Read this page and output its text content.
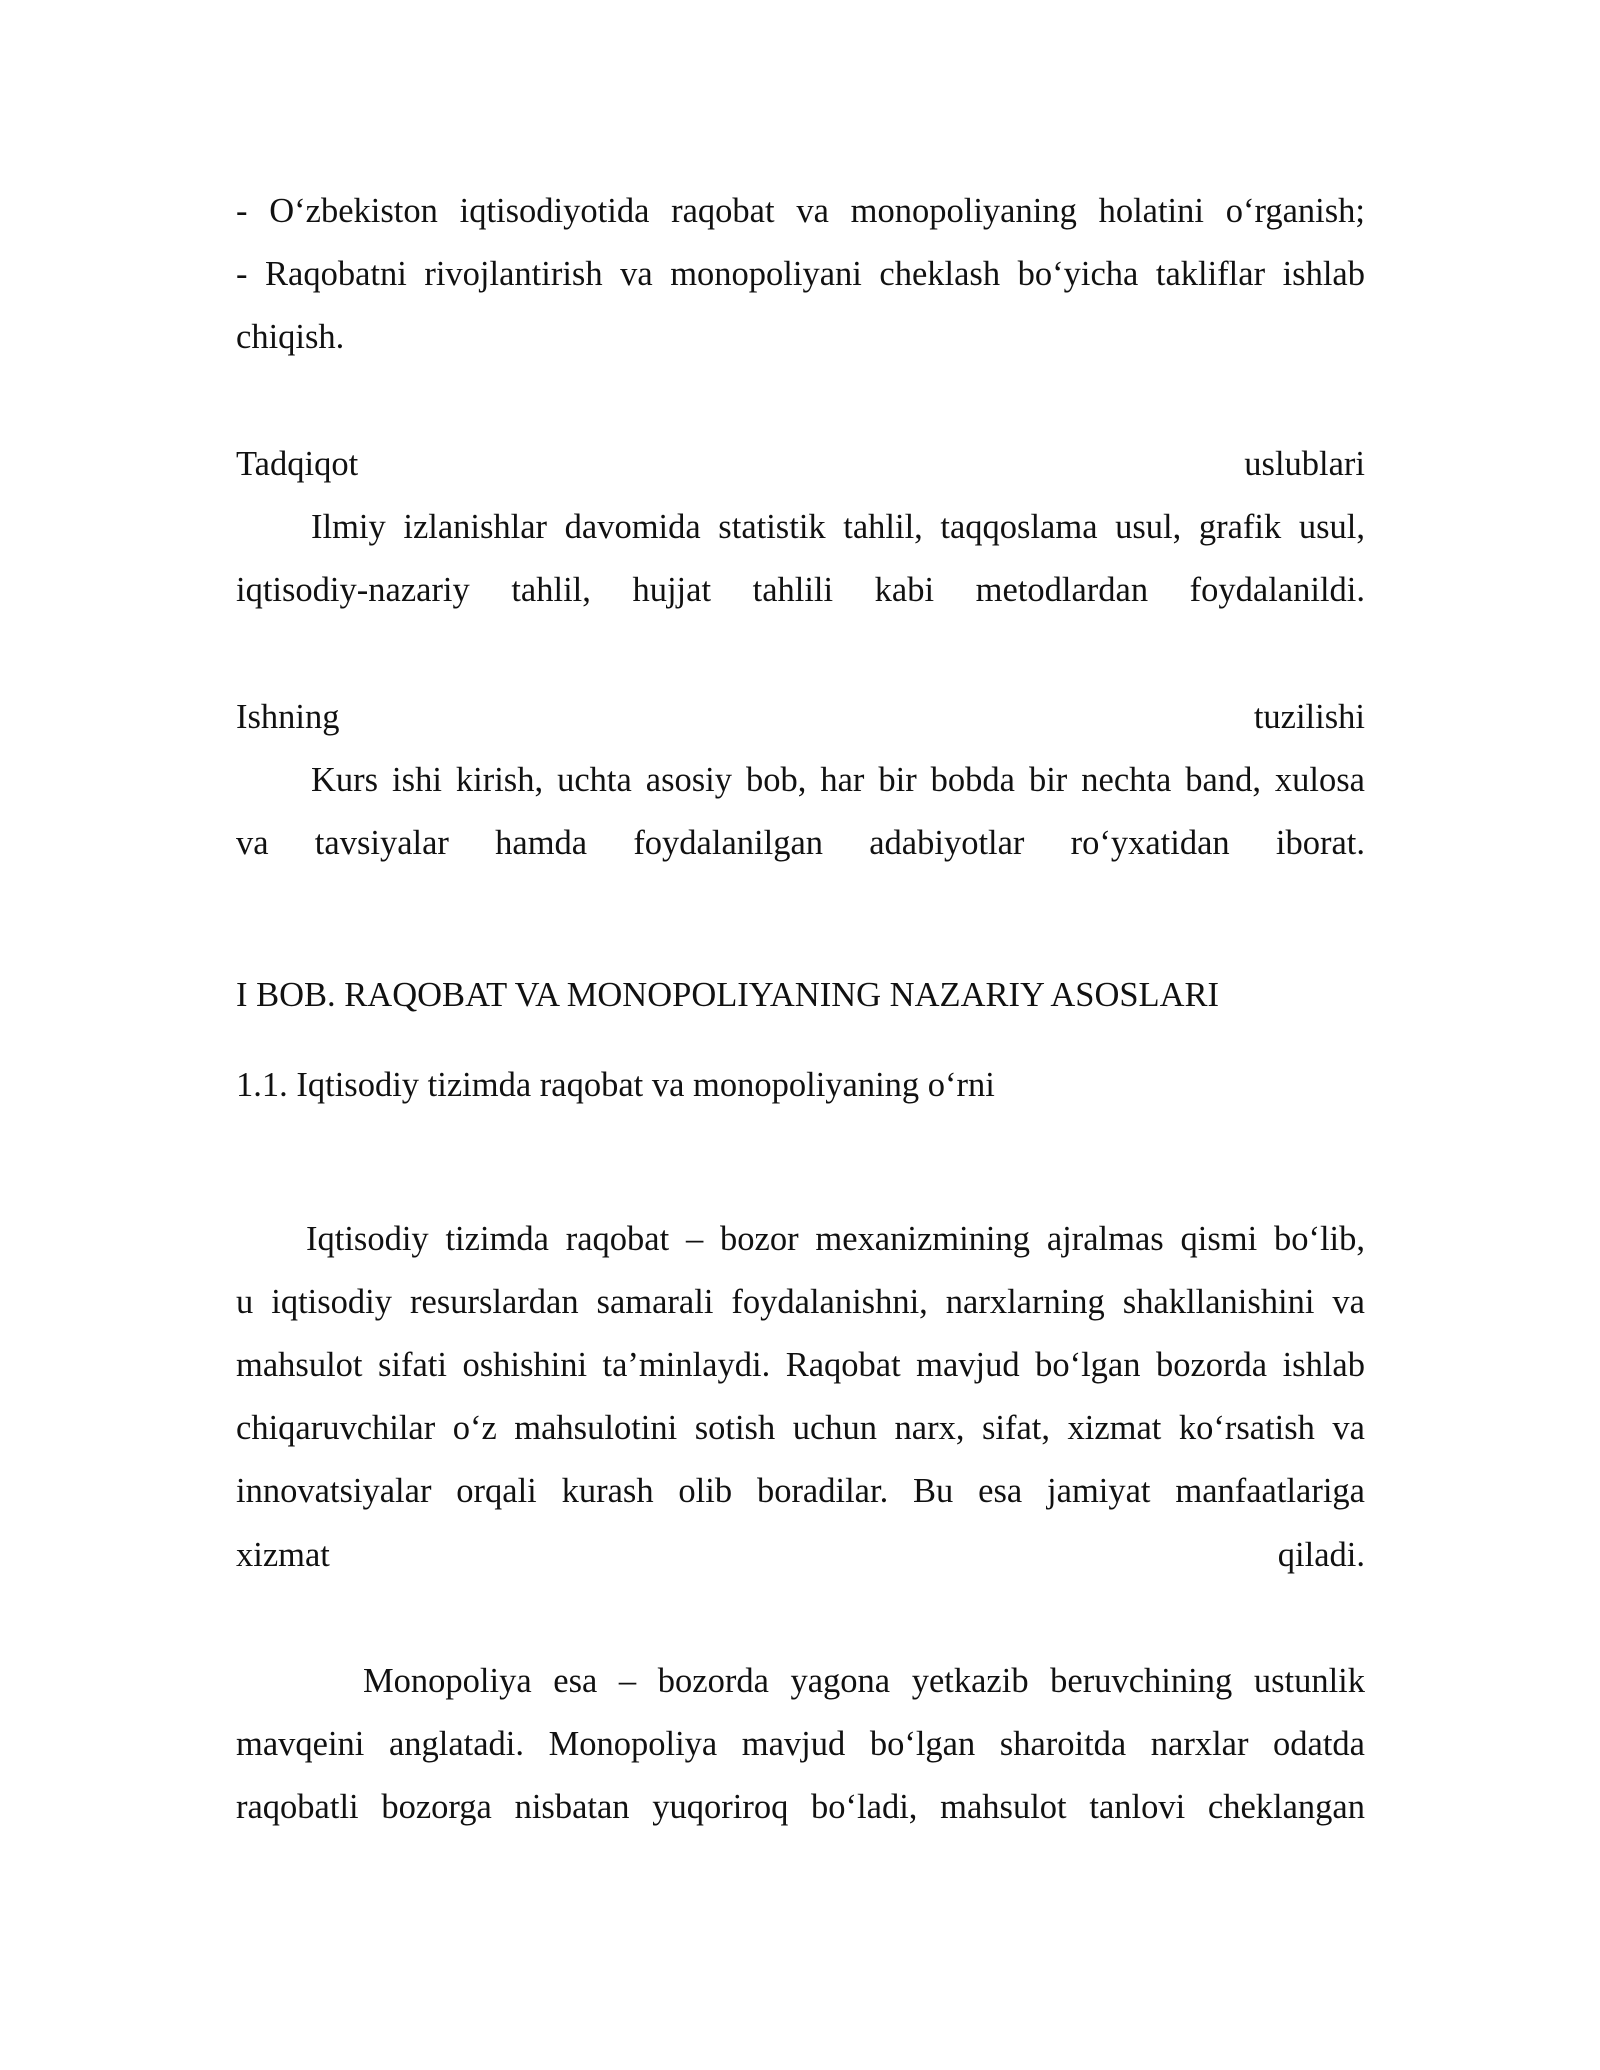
- O‘zbekiston iqtisodiyotida raqobat va monopoliyaning holatini o‘rganish;
- Raqobatni rivojlantirish va monopoliyani cheklash bo‘yicha takliflar ishlab
chiqish.
Tadqiqot	uslublari
Ilmiy izlanishlar davomida statistik tahlil, taqqoslama usul, grafik usul,
iqtisodiy-nazariy tahlil, hujjat tahlili kabi metodlardan foydalanildi.
Ishning	tuzilishi
Kurs ishi kirish, uchta asosiy bob, har bir bobda bir nechta band, xulosa
va tavsiyalar hamda foydalanilgan adabiyotlar ro‘yxatidan iborat.
I BOB. RAQOBAT VA MONOPOLIYANING NAZARIY ASOSLARI
1.1. Iqtisodiy tizimda raqobat va monopoliyaning o‘rni
Iqtisodiy tizimda raqobat – bozor mexanizmining ajralmas qismi bo‘lib,
u iqtisodiy resurslardan samarali foydalanishni, narxlarning shakllanishini va
mahsulot sifati oshishini ta’minlaydi. Raqobat mavjud bo‘lgan bozorda ishlab
chiqaruvchilar o‘z mahsulotini sotish uchun narx, sifat, xizmat ko‘rsatish va
innovatsiyalar orqali kurash olib boradilar. Bu esa jamiyat manfaatlariga
xizmat	qiladi.
Monopoliya esa – bozorda yagona yetkazib beruvchining ustunlik
mavqeini anglatadi. Monopoliya mavjud bo‘lgan sharoitda narxlar odatda
raqobatli bozorga nisbatan yuqoriroq bo‘ladi, mahsulot tanlovi cheklangan
